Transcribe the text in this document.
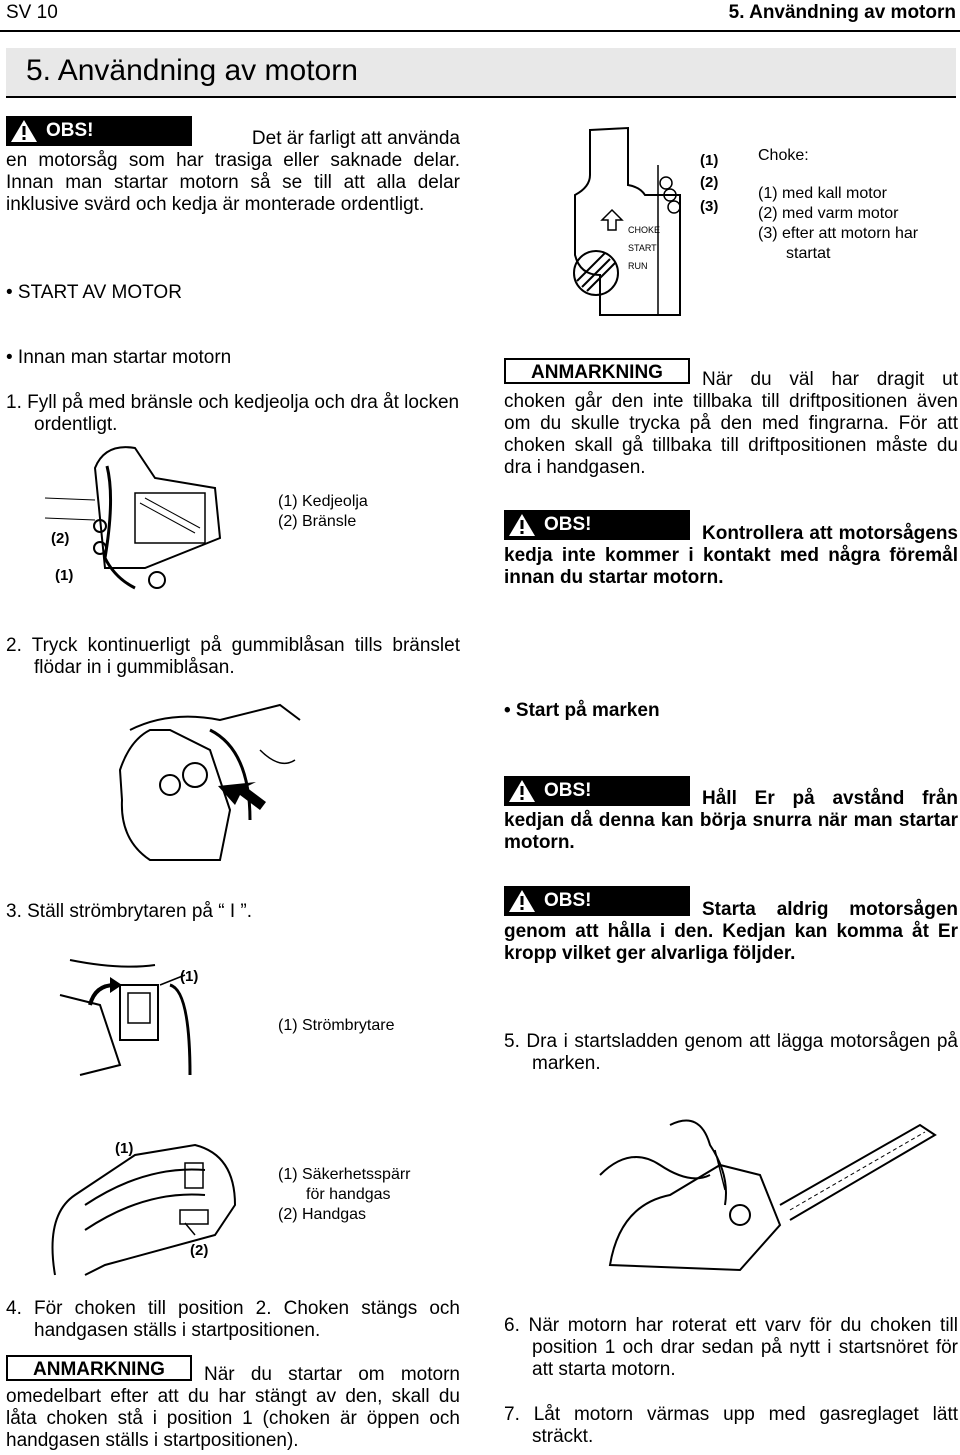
SV 10	5. Användning av motorn
5. Användning av motorn
OBS!	Det är farligt att använda
en motorsåg som har trasiga eller saknade delar. Innan man startar motorn så se till att alla delar inklusive svärd och kedja är monterade ordentligt.
CHOKE
START
RUN
(1)
(2)
(3)
Choke:
(1) med kall motor
(2) med varm motor
(3) efter att motorn har startat
• START AV MOTOR
• Innan man startar motorn
1. Fyll på med bränsle och kedjeolja och dra åt locken ordentligt.
(2)
(1)
(1) Kedjeolja
(2) Bränsle
ANMARKNING	När du väl har dragit ut choken går den inte tillbaka till driftpositionen även om du skulle trycka på den med fingrarna. För att choken skall gå tillbaka till driftpositionen måste du dra i handgasen.
OBS!	Kontrollera att motorsågens kedja inte kommer i kontakt med några föremål innan du startar motorn.
2. Tryck kontinuerligt på gummiblåsan tills bränslet flödar in i gummiblåsan.
• Start på marken
OBS!	Håll Er på avstånd från kedjan då denna kan börja snurra när man startar motorn.
OBS!	Starta aldrig motorsågen genom att hålla i den. Kedjan kan komma åt Er kropp vilket ger alvarliga följder.
3. Ställ strömbrytaren på “ I ”.
(1)
(1) Strömbrytare
5. Dra i startsladden genom att lägga motorsågen på marken.
(1)
(2)
(1) Säkerhetsspärr
för handgas
(2) Handgas
4. För choken till position 2. Choken stängs och handgasen ställs i startpositionen.
ANMARKNING	När du startar om motorn omedelbart efter att du har stängt av den, skall du låta choken stå i position 1 (choken är öppen och handgasen ställs i startpositionen).
6. När motorn har roterat ett varv för du choken till position 1 och drar sedan på nytt i startsnöret för att starta motorn.
7. Låt motorn värmas upp med gasreglaget lätt sträckt.
